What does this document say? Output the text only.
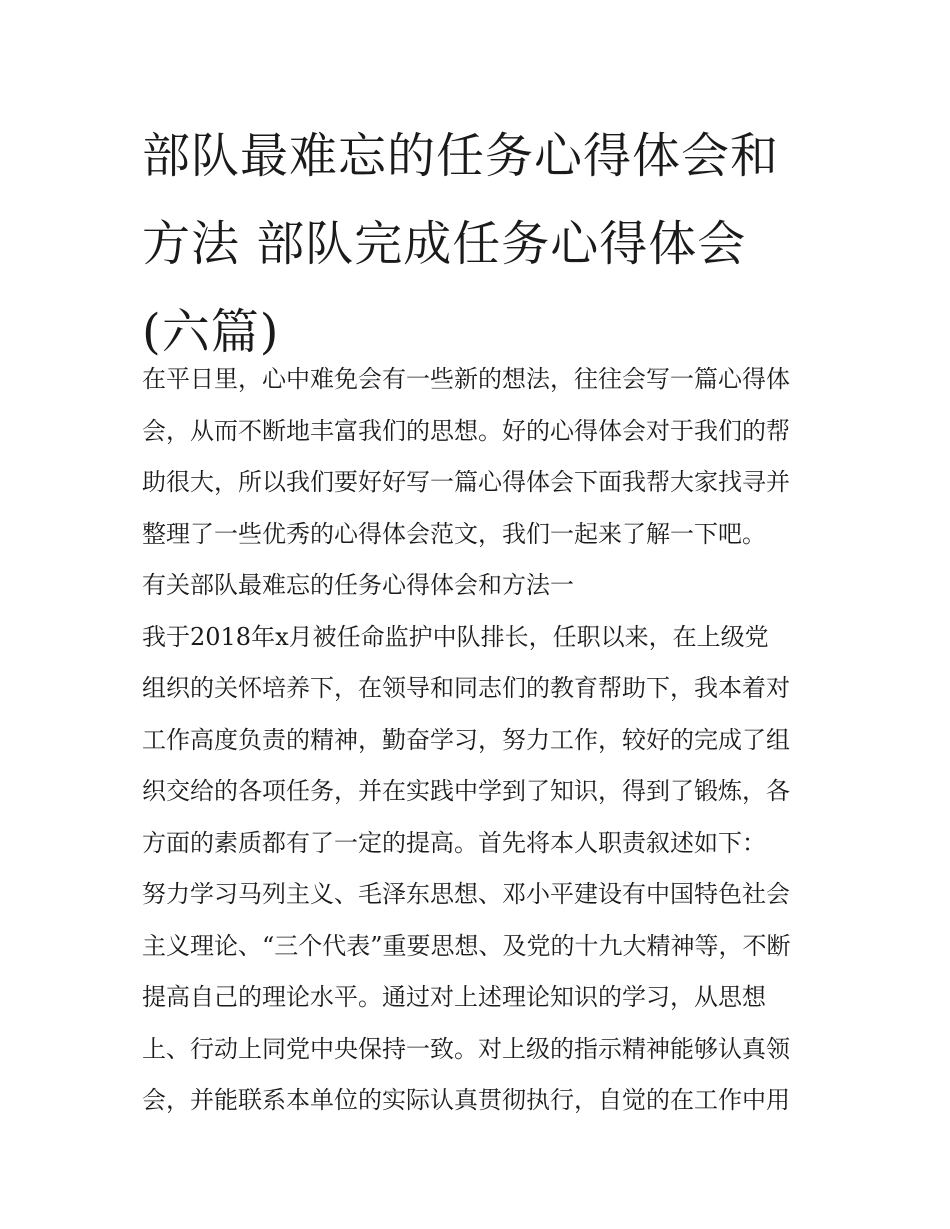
部队最难忘的任务心得体会和
方法 部队完成任务心得体会
(六篇)
在平日里，心中难免会有一些新的想法，往往会写一篇心得体
会，从而不断地丰富我们的思想。好的心得体会对于我们的帮
助很大，所以我们要好好写一篇心得体会下面我帮大家找寻并
整理了一些优秀的心得体会范文，我们一起来了解一下吧。
有关部队最难忘的任务心得体会和方法一
我于2018年x月被任命监护中队排长，任职以来，在上级党
组织的关怀培养下，在领导和同志们的教育帮助下，我本着对
工作高度负责的精神，勤奋学习，努力工作，较好的完成了组
织交给的各项任务，并在实践中学到了知识，得到了锻炼，各
方面的素质都有了一定的提高。首先将本人职责叙述如下：
努力学习马列主义、毛泽东思想、邓小平建设有中国特色社会
主义理论、“三个代表”重要思想、及党的十九大精神等，不断
提高自己的理论水平。通过对上述理论知识的学习，从思想
上、行动上同党中央保持一致。对上级的指示精神能够认真领
会，并能联系本单位的实际认真贯彻执行，自觉的在工作中用
